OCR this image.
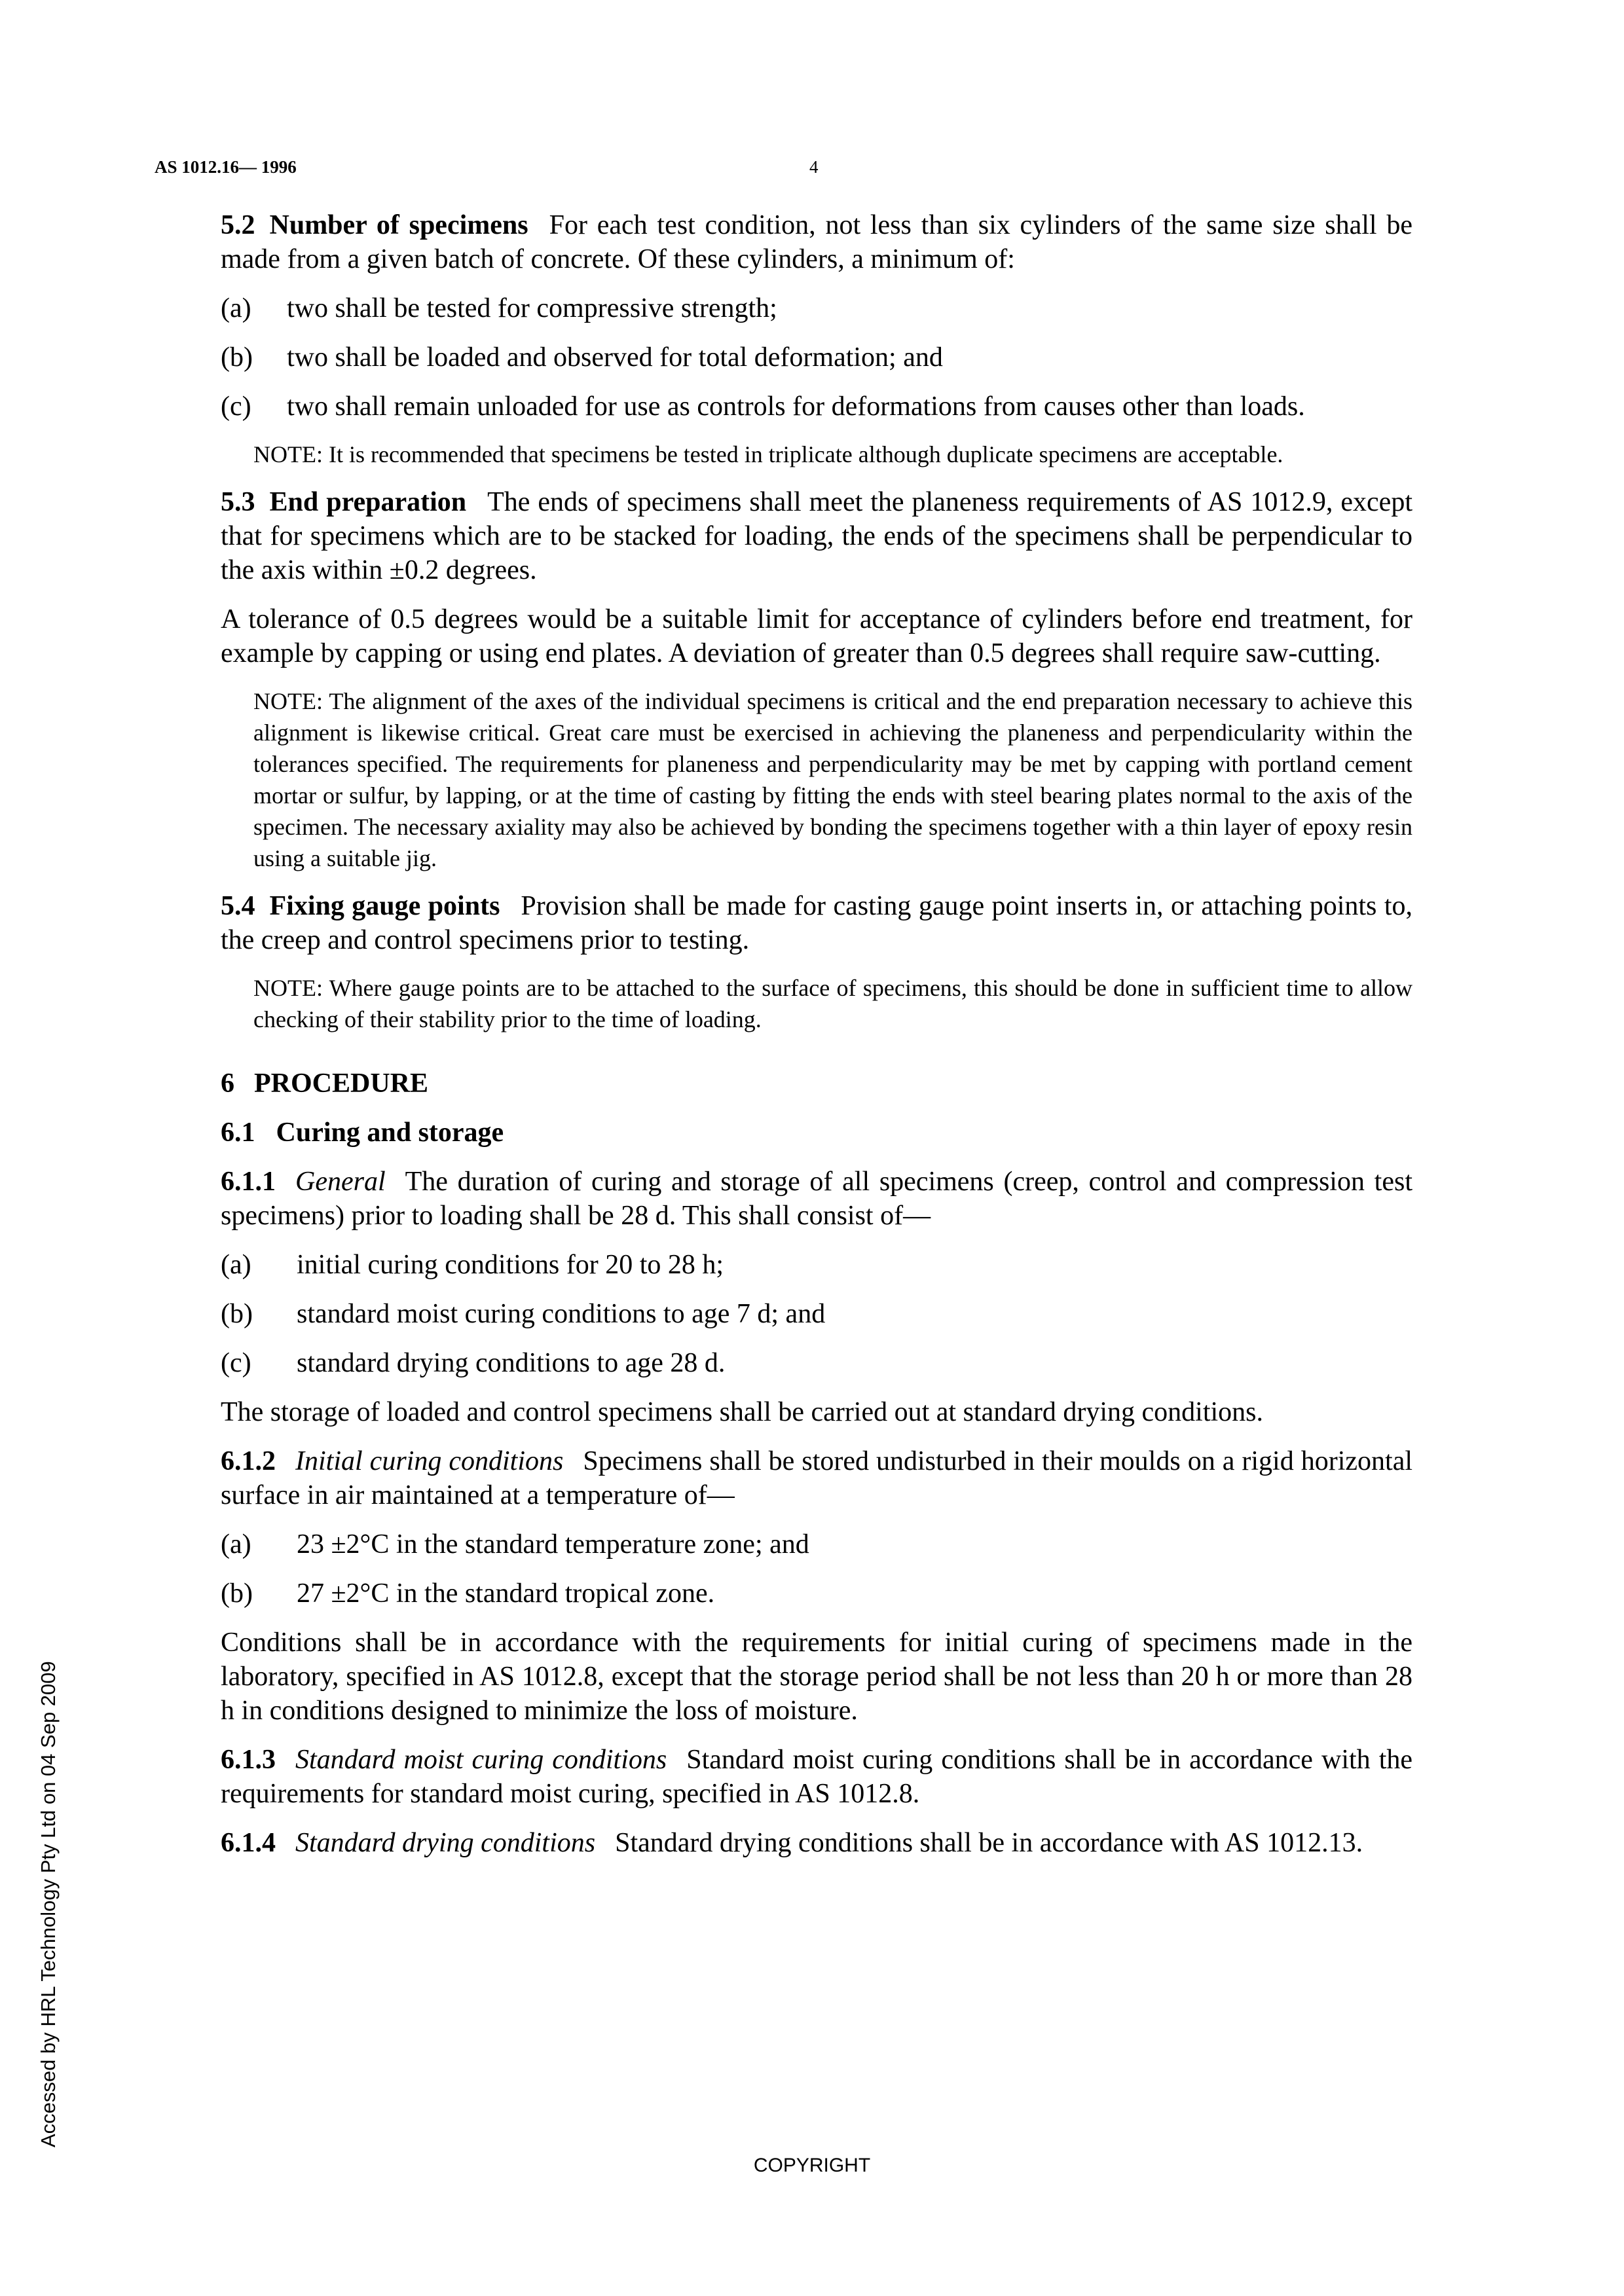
AS 1012.16— 1996	4

5.2 Number of specimens For each test condition, not less than six cylinders of the same size shall be made from a given batch of concrete. Of these cylinders, a minimum of:

(a)	two shall be tested for compressive strength;
(b)	two shall be loaded and observed for total deformation; and
(c)	two shall remain unloaded for use as controls for deformations from causes other than loads.

NOTE: It is recommended that specimens be tested in triplicate although duplicate specimens are acceptable.

5.3 End preparation The ends of specimens shall meet the planeness requirements of AS 1012.9, except that for specimens which are to be stacked for loading, the ends of the specimens shall be perpendicular to the axis within ±0.2 degrees.

A tolerance of 0.5 degrees would be a suitable limit for acceptance of cylinders before end treatment, for example by capping or using end plates. A deviation of greater than 0.5 degrees shall require saw-cutting.

NOTE: The alignment of the axes of the individual specimens is critical and the end preparation necessary to achieve this alignment is likewise critical. Great care must be exercised in achieving the planeness and perpendicularity within the tolerances specified. The requirements for planeness and perpendicularity may be met by capping with portland cement mortar or sulfur, by lapping, or at the time of casting by fitting the ends with steel bearing plates normal to the axis of the specimen. The necessary axiality may also be achieved by bonding the specimens together with a thin layer of epoxy resin using a suitable jig.

5.4 Fixing gauge points Provision shall be made for casting gauge point inserts in, or attaching points to, the creep and control specimens prior to testing.

NOTE: Where gauge points are to be attached to the surface of specimens, this should be done in sufficient time to allow checking of their stability prior to the time of loading.

6 PROCEDURE
6.1 Curing and storage

6.1.1 General The duration of curing and storage of all specimens (creep, control and compression test specimens) prior to loading shall be 28 d. This shall consist of—

(a)	initial curing conditions for 20 to 28 h;
(b)	standard moist curing conditions to age 7 d; and
(c)	standard drying conditions to age 28 d.

The storage of loaded and control specimens shall be carried out at standard drying conditions.

6.1.2 Initial curing conditions Specimens shall be stored undisturbed in their moulds on a rigid horizontal surface in air maintained at a temperature of—

(a)	23 ±2°C in the standard temperature zone; and
(b)	27 ±2°C in the standard tropical zone.

Conditions shall be in accordance with the requirements for initial curing of specimens made in the laboratory, specified in AS 1012.8, except that the storage period shall be not less than 20 h or more than 28 h in conditions designed to minimize the loss of moisture.

6.1.3 Standard moist curing conditions Standard moist curing conditions shall be in accordance with the requirements for standard moist curing, specified in AS 1012.8.

6.1.4 Standard drying conditions Standard drying conditions shall be in accordance with AS 1012.13.

COPYRIGHT
Accessed by HRL Technology Pty Ltd on 04 Sep 2009
